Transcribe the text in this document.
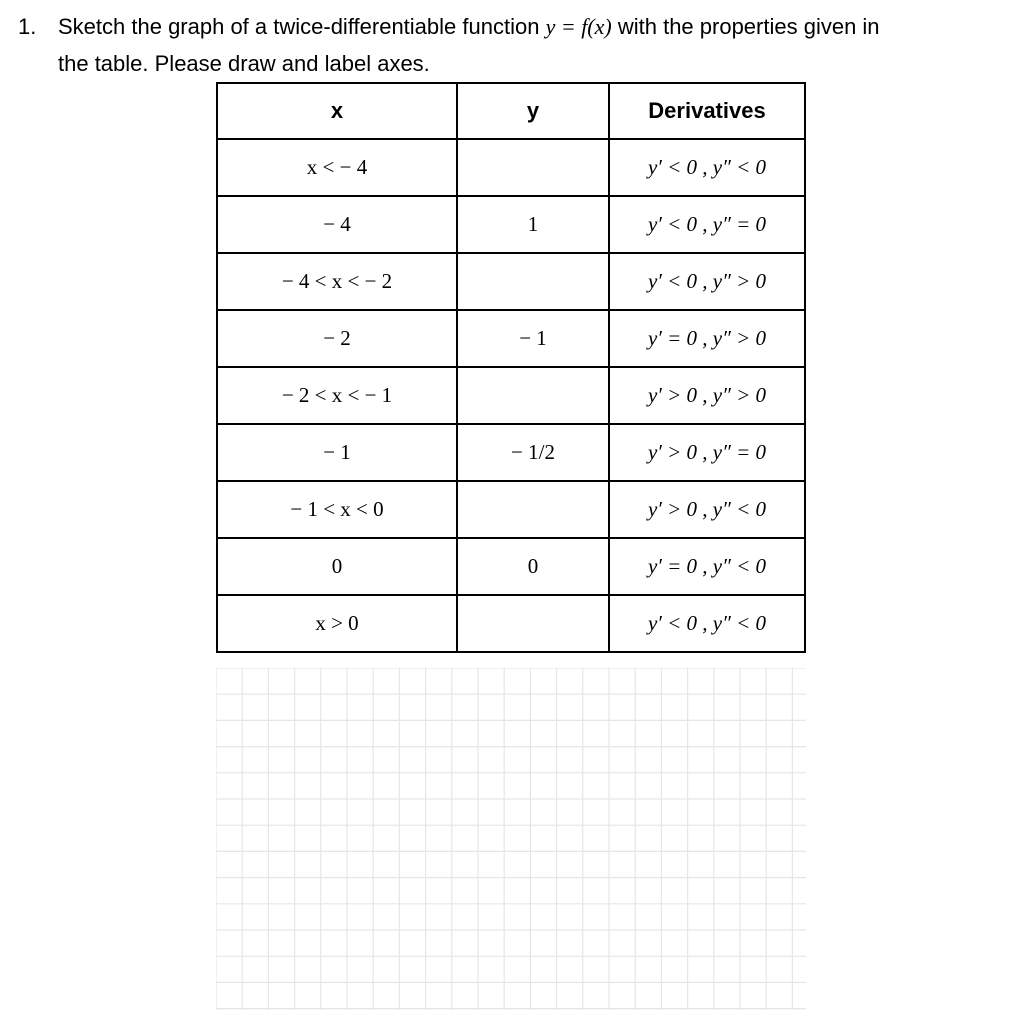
1. Sketch the graph of a twice-differentiable function y = f(x) with the properties given in
the table. Please draw and label axes.
x	y	Derivatives
x < − 4		y′ < 0 , y″ < 0
− 4	1	y′ < 0 , y″ = 0
− 4 < x < − 2		y′ < 0 , y″ > 0
− 2	− 1	y′ = 0 , y″ > 0
− 2 < x < − 1		y′ > 0 , y″ > 0
− 1	− 1/2	y′ > 0 , y″ = 0
− 1 < x < 0		y′ > 0 , y″ < 0
0	0	y′ = 0 , y″ < 0
x > 0		y′ < 0 , y″ < 0
